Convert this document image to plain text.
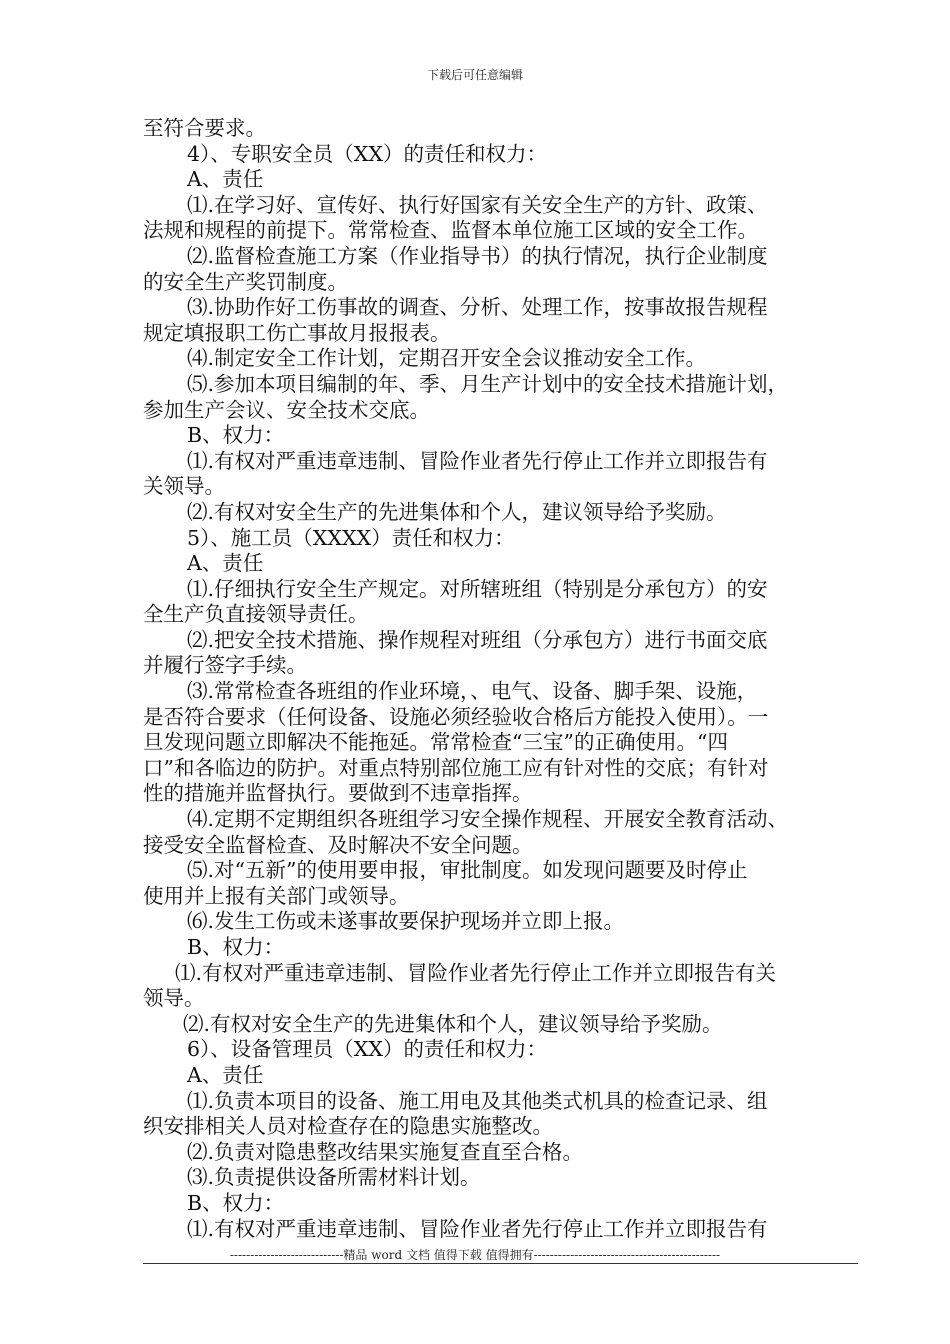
下载后可任意编辑
至符合要求。
4）、专职安全员（XX）的责任和权力：
A、责任
⑴.在学习好、宣传好、执行好国家有关安全生产的方针、政策、
法规和规程的前提下。常常检查、监督本单位施工区域的安全工作。
⑵.监督检查施工方案（作业指导书）的执行情况，执行企业制度
的安全生产奖罚制度。
⑶.协助作好工伤事故的调查、分析、处理工作，按事故报告规程
规定填报职工伤亡事故月报报表。
⑷.制定安全工作计划，定期召开安全会议推动安全工作。
⑸.参加本项目编制的年、季、月生产计划中的安全技术措施计划，
参加生产会议、安全技术交底。
B、权力：
⑴.有权对严重违章违制、冒险作业者先行停止工作并立即报告有
关领导。
⑵.有权对安全生产的先进集体和个人，建议领导给予奖励。
5）、施工员（XXXX）责任和权力：
A、责任
⑴.仔细执行安全生产规定。对所辖班组（特别是分承包方）的安
全生产负直接领导责任。
⑵.把安全技术措施、操作规程对班组（分承包方）进行书面交底
并履行签字手续。
⑶.常常检查各班组的作业环境，、电气、设备、脚手架、设施，
是否符合要求（任何设备、设施必须经验收合格后方能投入使用）。一
旦发现问题立即解决不能拖延。常常检查“三宝”的正确使用。“四
口”和各临边的防护。对重点特别部位施工应有针对性的交底；有针对
性的措施并监督执行。要做到不违章指挥。
⑷.定期不定期组织各班组学习安全操作规程、开展安全教育活动、
接受安全监督检查、及时解决不安全问题。
⑸.对“五新”的使用要申报，审批制度。如发现问题要及时停止
使用并上报有关部门或领导。
⑹.发生工伤或未遂事故要保护现场并立即上报。
B、权力：
⑴.有权对严重违章违制、冒险作业者先行停止工作并立即报告有关
领导。
⑵.有权对安全生产的先进集体和个人，建议领导给予奖励。
6）、设备管理员（XX）的责任和权力：
A、责任
⑴.负责本项目的设备、施工用电及其他类式机具的检查记录、组
织安排相关人员对检查存在的隐患实施整改。
⑵.负责对隐患整改结果实施复查直至合格。
⑶.负责提供设备所需材料计划。
B、权力：
⑴.有权对严重违章违制、冒险作业者先行停止工作并立即报告有
----------------------------精品 word 文档 值得下载 值得拥有----------------------------------------------
